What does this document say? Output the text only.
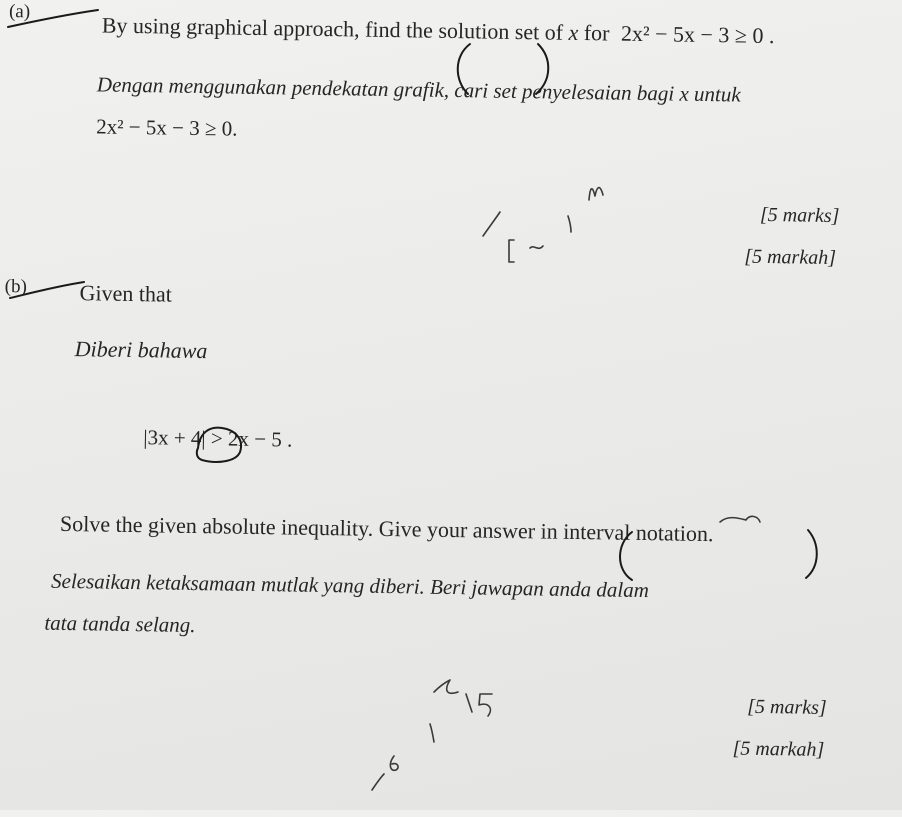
(a)
By using graphical approach, find the solution set of x for 2x² − 5x − 3 ≥ 0 .
Dengan menggunakan pendekatan grafik, cari set penyelesaian bagi x untuk
2x² − 5x − 3 ≥ 0.
[5 marks]
[5 markah]
(b) Given that
Diberi bahawa
|3x + 4| > 2x − 5 .
Solve the given absolute inequality. Give your answer in interval notation.
Selesaikan ketaksamaan mutlak yang diberi. Beri jawapan anda dalam
tata tanda selang.
[5 marks]
[5 markah]
